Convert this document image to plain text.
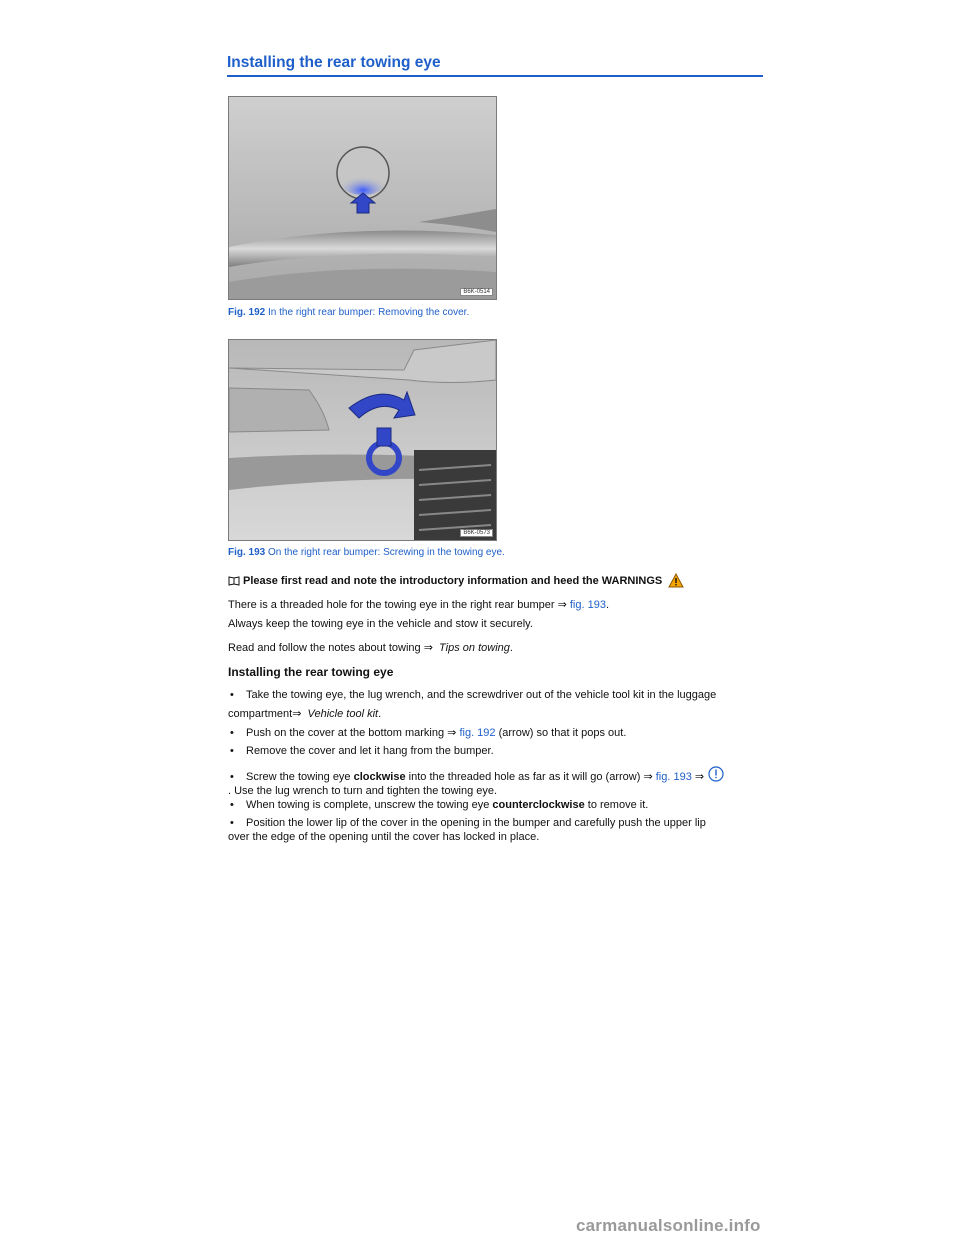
Installing the rear towing eye
B6K-0514
Fig. 192 In the right rear bumper: Removing the cover.
B6K-0573
Fig. 193 On the right rear bumper: Screwing in the towing eye.
Please first read and note the introductory information and heed the WARNINGS
There is a threaded hole for the towing eye in the right rear bumper ⇒ fig. 193.
Always keep the towing eye in the vehicle and stow it securely.
Read and follow the notes about towing ⇒ Tips on towing.
Installing the rear towing eye
• Take the towing eye, the lug wrench, and the screwdriver out of the vehicle tool kit in the luggage
compartment⇒ Vehicle tool kit.
• Push on the cover at the bottom marking ⇒ fig. 192 (arrow) so that it pops out.
• Remove the cover and let it hang from the bumper.
• Screw the towing eye clockwise into the threaded hole as far as it will go (arrow) ⇒ fig. 193 ⇒
. Use the lug wrench to turn and tighten the towing eye.
• When towing is complete, unscrew the towing eye counterclockwise to remove it.
• Position the lower lip of the cover in the opening in the bumper and carefully push the upper lip
over the edge of the opening until the cover has locked in place.
carmanualsonline.info
